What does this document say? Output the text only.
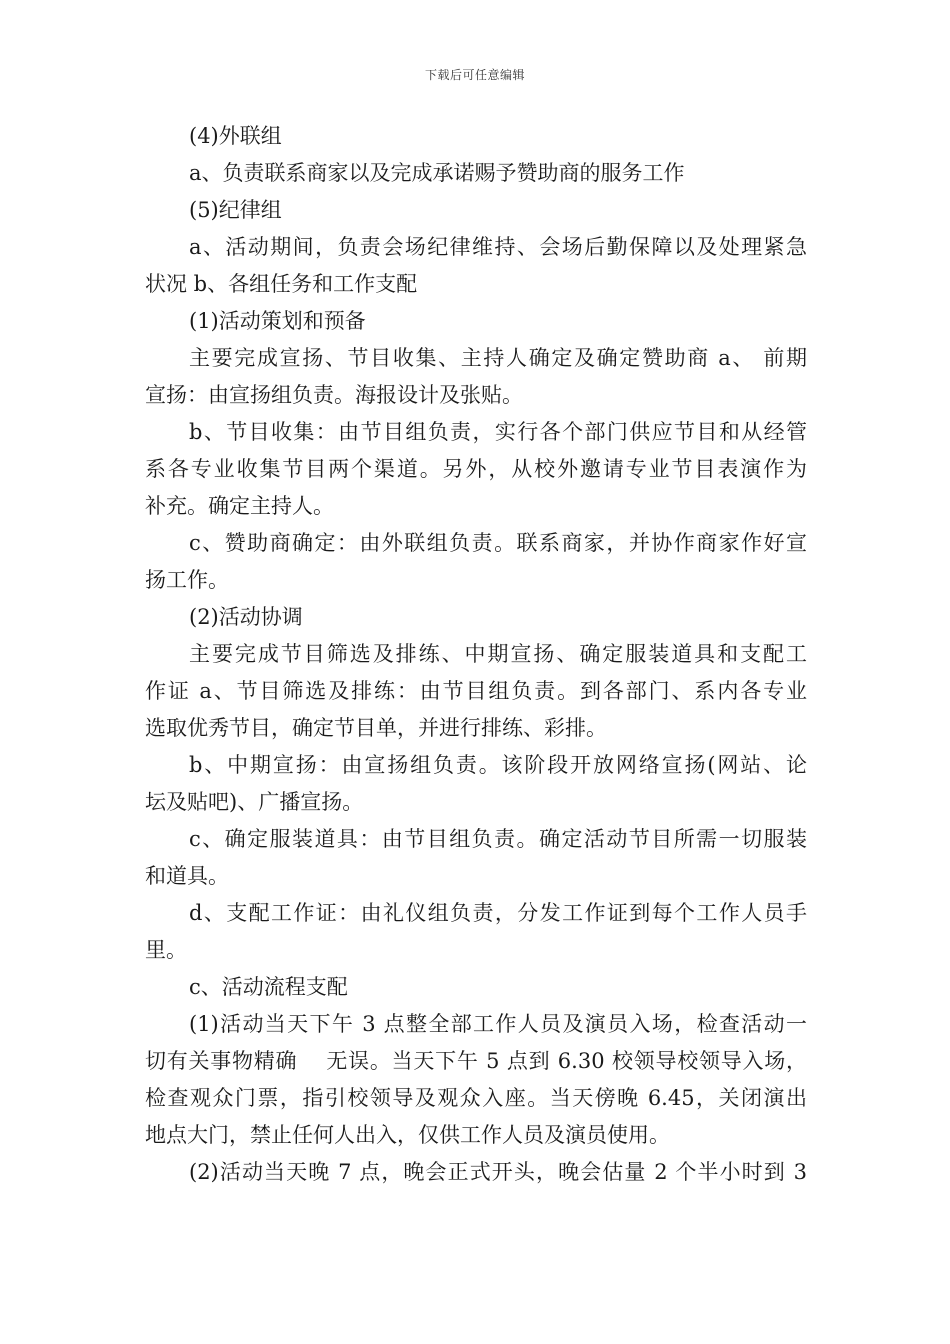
下载后可任意编辑
(4)外联组
a、负责联系商家以及完成承诺赐予赞助商的服务工作
(5)纪律组
a、活动期间，负责会场纪律维持、会场后勤保障以及处理紧急
状况 b、各组任务和工作支配
(1)活动策划和预备
主要完成宣扬、节目收集、主持人确定及确定赞助商 a、 前期
宣扬：由宣扬组负责。海报设计及张贴。
b、节目收集：由节目组负责，实行各个部门供应节目和从经管
系各专业收集节目两个渠道。另外，从校外邀请专业节目表演作为
补充。确定主持人。
c、赞助商确定：由外联组负责。联系商家，并协作商家作好宣
扬工作。
(2)活动协调
主要完成节目筛选及排练、中期宣扬、确定服装道具和支配工
作证 a、节目筛选及排练：由节目组负责。到各部门、系内各专业
选取优秀节目，确定节目单，并进行排练、彩排。
b、中期宣扬：由宣扬组负责。该阶段开放网络宣扬(网站、论
坛及贴吧)、广播宣扬。
c、确定服装道具：由节目组负责。确定活动节目所需一切服装
和道具。
d、支配工作证：由礼仪组负责，分发工作证到每个工作人员手
里。
c、活动流程支配
(1)活动当天下午 3 点整全部工作人员及演员入场，检查活动一
切有关事物精确　 无误。当天下午 5 点到 6.30 校领导校领导入场，
检查观众门票，指引校领导及观众入座。当天傍晚 6.45，关闭演出
地点大门，禁止任何人出入，仅供工作人员及演员使用。
(2)活动当天晚 7 点，晚会正式开头，晚会估量 2 个半小时到 3
